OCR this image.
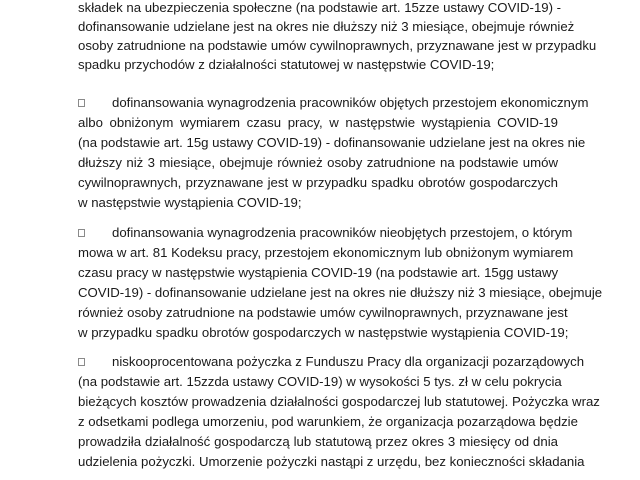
składek na ubezpieczenia społeczne (na podstawie art. 15zze ustawy COVID-19) -
dofinansowanie udzielane jest na okres nie dłuższy niż 3 miesiące, obejmuje również
osoby zatrudnione na podstawie umów cywilnoprawnych, przyznawane jest w przypadku
spadku przychodów z działalności statutowej w następstwie COVID-19;
dofinansowania wynagrodzenia pracowników objętych przestojem ekonomicznym
albo obniżonym wymiarem czasu pracy, w następstwie wystąpienia COVID-19
(na podstawie art. 15g ustawy COVID-19) - dofinansowanie udzielane jest na okres nie
dłuższy niż 3 miesiące, obejmuje również osoby zatrudnione na podstawie umów
cywilnoprawnych, przyznawane jest w przypadku spadku obrotów gospodarczych
w następstwie wystąpienia COVID-19;
dofinansowania wynagrodzenia pracowników nieobjętych przestojem, o którym
mowa w art. 81 Kodeksu pracy, przestojem ekonomicznym lub obniżonym wymiarem
czasu pracy w następstwie wystąpienia COVID-19 (na podstawie art. 15gg ustawy
COVID-19) - dofinansowanie udzielane jest na okres nie dłuższy niż 3 miesiące, obejmuje
również osoby zatrudnione na podstawie umów cywilnoprawnych, przyznawane jest
w przypadku spadku obrotów gospodarczych w następstwie wystąpienia COVID-19;
niskooprocentowana pożyczka z Funduszu Pracy dla organizacji pozarządowych
(na podstawie art. 15zzda ustawy COVID-19) w wysokości 5 tys. zł w celu pokrycia
bieżących kosztów prowadzenia działalności gospodarczej lub statutowej. Pożyczka wraz
z odsetkami podlega umorzeniu, pod warunkiem, że organizacja pozarządowa będzie
prowadziła działalność gospodarczą lub statutową przez okres 3 miesięcy od dnia
udzielenia pożyczki. Umorzenie pożyczki nastąpi z urzędu, bez konieczności składania
